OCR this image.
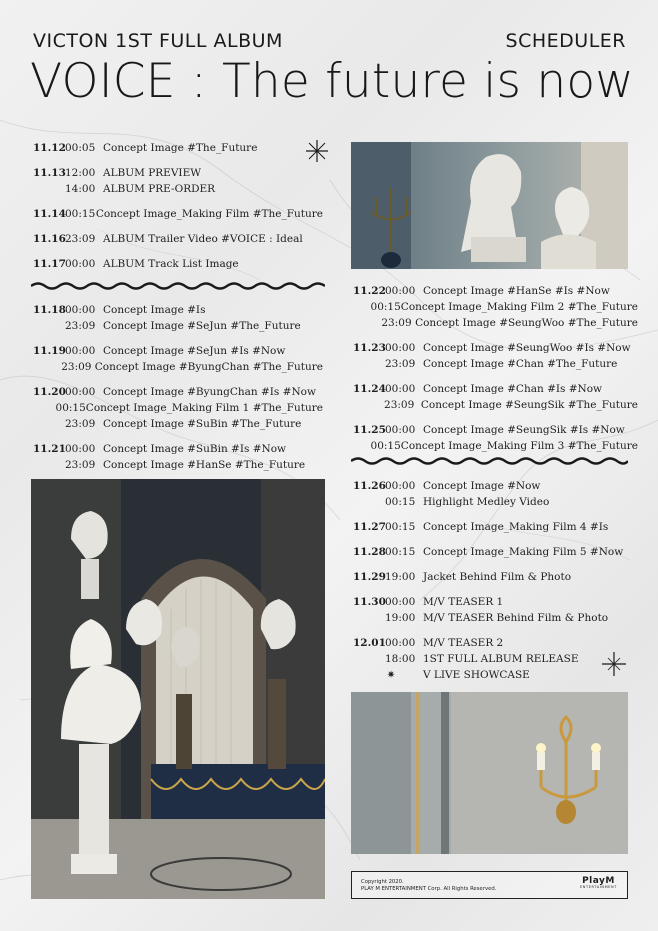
VICTON 1ST FULL ALBUM	SCHEDULER
VOICE : The future is now
11.12 00:05 Concept Image #The_Future
11.13 12:00 ALBUM PREVIEW
14:00 ALBUM PRE-ORDER
11.14 00:15 Concept Image_Making Film #The_Future
11.16 23:09 ALBUM Trailer Video #VOICE : Ideal
11.17 00:00 ALBUM Track List Image
11.18 00:00 Concept Image #Is
23:09 Concept Image #SeJun #The_Future
11.19 00:00 Concept Image #SeJun #Is #Now
23:09 Concept Image #ByungChan #The_Future
11.20 00:00 Concept Image #ByungChan #Is #Now
00:15 Concept Image_Making Film 1 #The_Future
23:09 Concept Image #SuBin #The_Future
11.21 00:00 Concept Image #SuBin #Is #Now
23:09 Concept Image #HanSe #The_Future
11.22 00:00 Concept Image #HanSe #Is #Now
00:15 Concept Image_Making Film 2 #The_Future
23:09 Concept Image #SeungWoo #The_Future
11.23 00:00 Concept Image #SeungWoo #Is #Now
23:09 Concept Image #Chan #The_Future
11.24 00:00 Concept Image #Chan #Is #Now
23:09 Concept Image #SeungSik #The_Future
11.25 00:00 Concept Image #SeungSik #Is #Now
00:15 Concept Image_Making Film 3 #The_Future
11.26 00:00 Concept Image #Now
00:15 Highlight Medley Video
11.27 00:15 Concept Image_Making Film 4 #Is
11.28 00:15 Concept Image_Making Film 5 #Now
11.29 19:00 Jacket Behind Film & Photo
11.30 00:00 M/V TEASER 1
19:00 M/V TEASER Behind Film & Photo
12.01 00:00 M/V TEASER 2
18:00 1ST FULL ALBUM RELEASE
✷	V LIVE SHOWCASE
Copyright 2020.
PLAY M ENTERTAINMENT Corp. All Rights Reserved.
PlayM
ENTERTAINMENT
